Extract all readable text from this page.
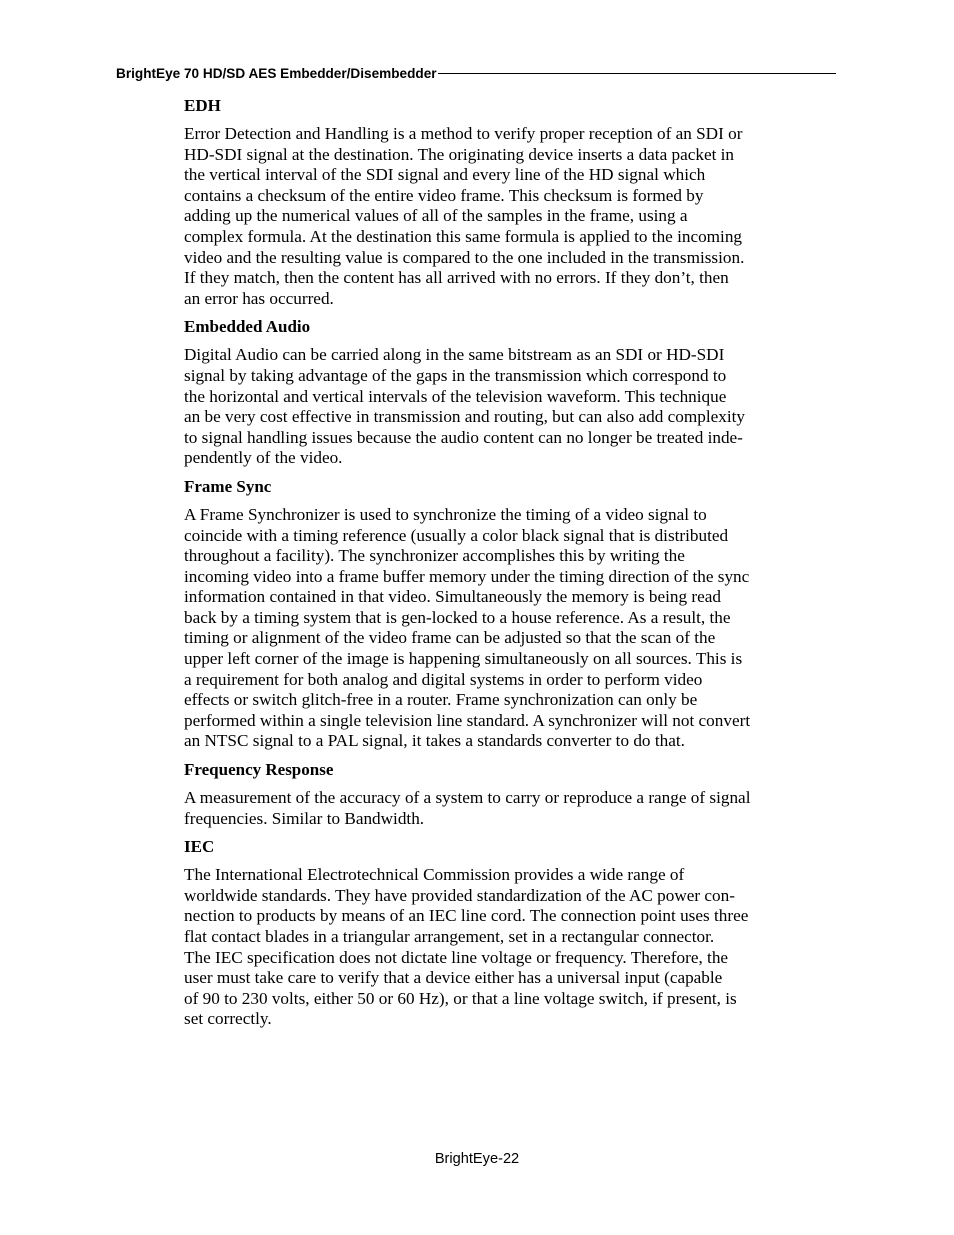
BrightEye 70 HD/SD AES Embedder/Disembedder
EDH
Error Detection and Handling is a method to verify proper reception of an SDI or
HD-SDI signal at the destination. The originating device inserts a data packet in
the vertical interval of the SDI signal and every line of the HD signal which
contains a checksum of the entire video frame. This checksum is formed by
adding up the numerical values of all of the samples in the frame, using a
complex formula. At the destination this same formula is applied to the incoming
video and the resulting value is compared to the one included in the transmission.
If they match, then the content has all arrived with no errors. If they don’t, then
an error has occurred.
Embedded Audio
Digital Audio can be carried along in the same bitstream as an SDI or HD-SDI
signal by taking advantage of the gaps in the transmission which correspond to
the horizontal and vertical intervals of the television waveform. This technique
an be very cost effective in transmission and routing, but can also add complexity
to signal handling issues because the audio content can no longer be treated inde-
pendently of the video.
Frame Sync
A Frame Synchronizer is used to synchronize the timing of a video signal to
coincide with a timing reference (usually a color black signal that is distributed
throughout a facility). The synchronizer accomplishes this by writing the
incoming video into a frame buffer memory under the timing direction of the sync
information contained in that video. Simultaneously the memory is being read
back by a timing system that is gen-locked to a house reference. As a result, the
timing or alignment of the video frame can be adjusted so that the scan of the
upper left corner of the image is happening simultaneously on all sources. This is
a requirement for both analog and digital systems in order to perform video
effects or switch glitch-free in a router. Frame synchronization can only be
performed within a single television line standard. A synchronizer will not convert
an NTSC signal to a PAL signal, it takes a standards converter to do that.
Frequency Response
A measurement of the accuracy of a system to carry or reproduce a range of signal
frequencies. Similar to Bandwidth.
IEC
The International Electrotechnical Commission provides a wide range of
worldwide standards. They have provided standardization of the AC power con-
nection to products by means of an IEC line cord. The connection point uses three
flat contact blades in a triangular arrangement, set in a rectangular connector.
The IEC specification does not dictate line voltage or frequency. Therefore, the
user must take care to verify that a device either has a universal input (capable
of 90 to 230 volts, either 50 or 60 Hz), or that a line voltage switch, if present, is
set correctly.
BrightEye-22
